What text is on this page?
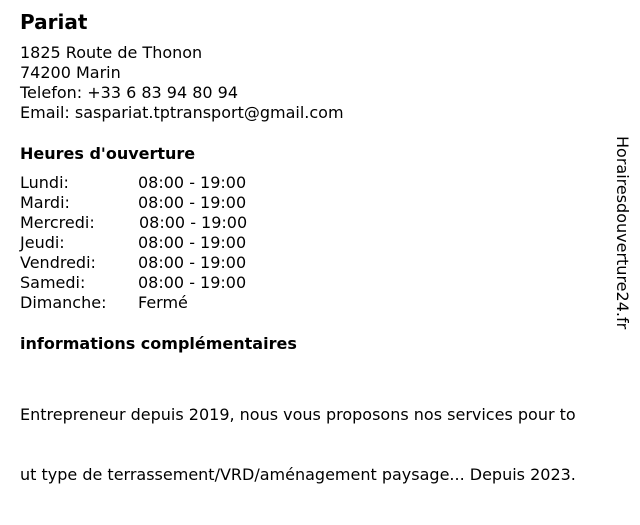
Pariat
1825 Route de Thonon
74200 Marin
Telefon: +33 6 83 94 80 94
Email: saspariat.tptransport@gmail.com
Heures d'ouverture
Lundi:	08:00 - 19:00
Mardi:	08:00 - 19:00
Mercredi:	08:00 - 19:00
Jeudi:	08:00 - 19:00
Vendredi:	08:00 - 19:00
Samedi:	08:00 - 19:00
Dimanche: Fermé
informations complémentaires

Entrepreneur depuis 2019, nous vous proposons nos services pour to

ut type de terrassement/VRD/aménagement paysage... Depuis 2023.

Horairesdouverture24.fr
